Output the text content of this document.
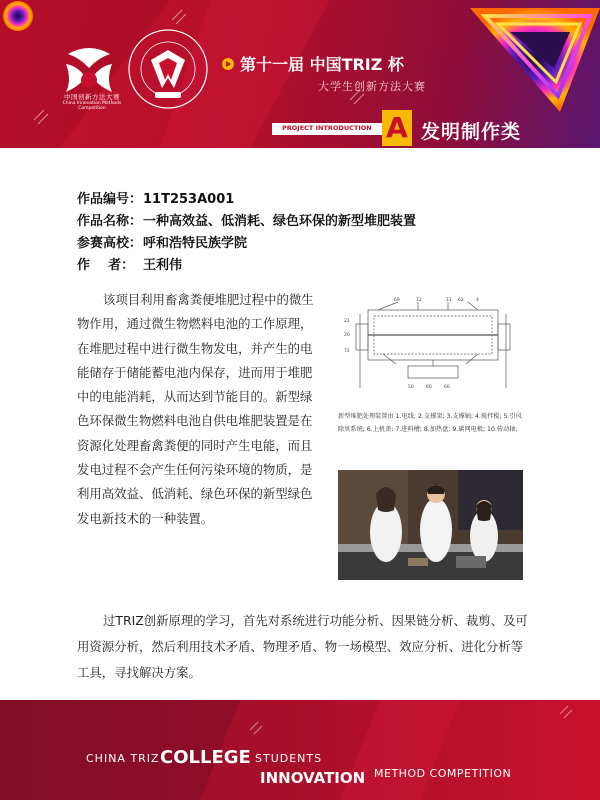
中国创新方法大赛
China Innovation Methods Competition
第十一届 中国TRIZ 杯
大学生创新方法大赛
PROJECT INTRODUCTION A 发明制作类
作品编号：11T253A001
作品名称：一种高效益、低消耗、绿色环保的新型堆肥装置
参赛高校：呼和浩特民族学院
作    者： 王利伟
该项目利用畜禽粪便堆肥过程中的微生物作用，通过微生物燃料电池的工作原理，在堆肥过程中进行微生物发电，并产生的电能储存于储能蓄电池内保存，进而用于堆肥中的电能消耗，从而达到节能目的。新型绿色环保微生物燃料电池自供电堆肥装置是在资源化处理畜禽粪便的同时产生电能，而且发电过程不会产生任何污染环境的物质，是利用高效益、低消耗、绿色环保的新型绿色发电新技术的一种装置。
69	12	11 62	4
21
20
72
50	60	60
新型堆肥处理装置由 1.电线; 2.支撑架; 3.支撑轴; 4.搅拌棍; 5.引风除臭系统; 6.上机盖; 7.进料槽; 8.加热盘; 9.碳网电极; 10.传动轴;
过TRIZ创新原理的学习，首先对系统进行功能分析、因果链分析、裁剪、及可用资源分析，然后利用技术矛盾、物理矛盾、物一场模型、效应分析、进化分析等工具，寻找解决方案。
CHINA TRIZ COLLEGE STUDENTS
INNOVATION METHOD COMPETITION
